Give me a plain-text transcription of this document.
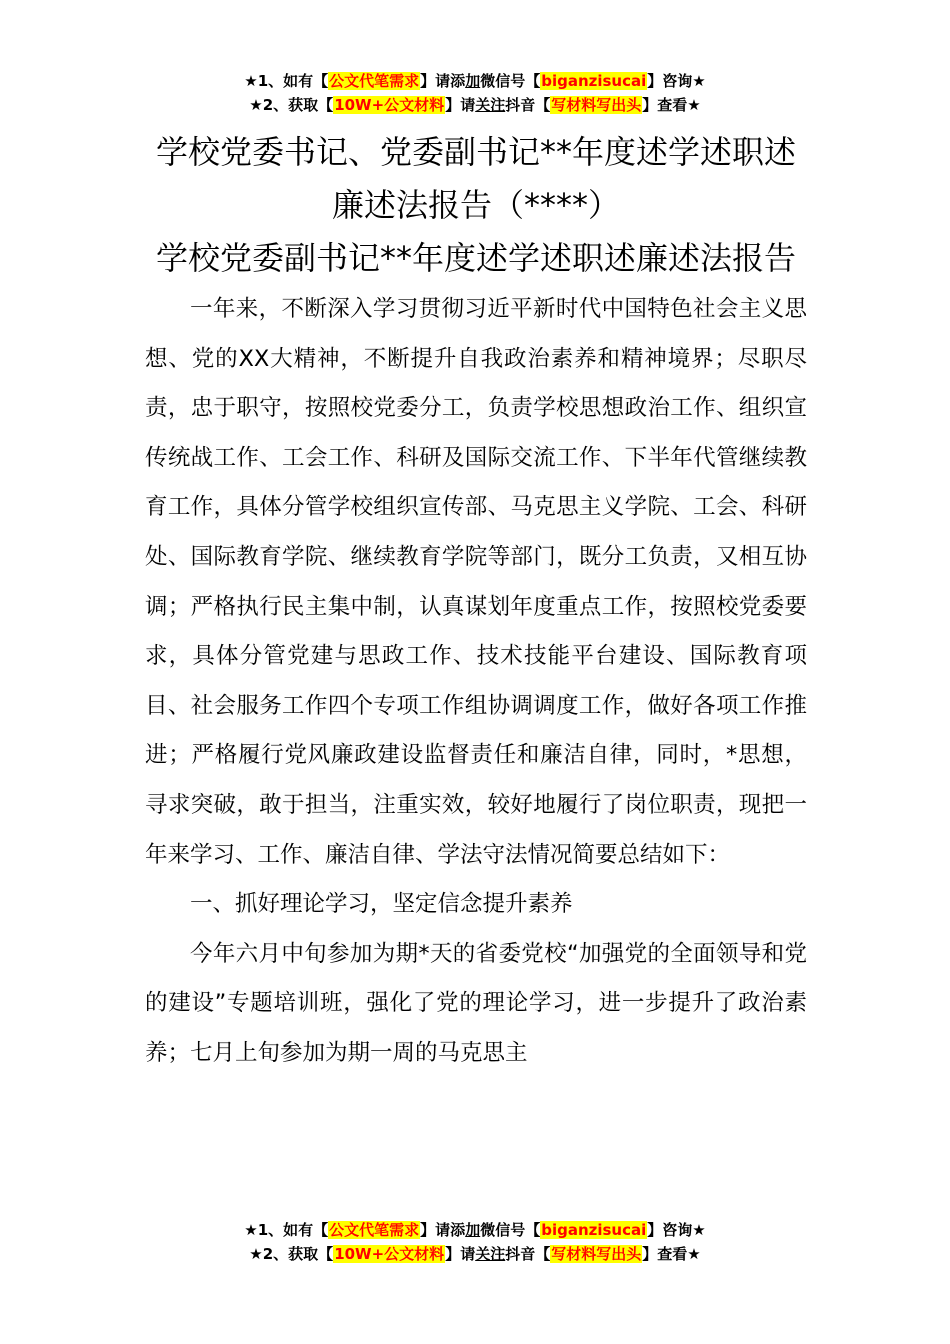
★1、如有【公文代笔需求】请添加微信号【biganzisucai】咨询★
★2、获取【10W+公文材料】请关注抖音【写材料写出头】查看★
学校党委书记、党委副书记**年度述学述职述廉述法报告（****）
学校党委副书记**年度述学述职述廉述法报告

一年来，不断深入学习贯彻习近平新时代中国特色社会主义思想、党的XX大精神，不断提升自我政治素养和精神境界；尽职尽责，忠于职守，按照校党委分工，负责学校思想政治工作、组织宣传统战工作、工会工作、科研及国际交流工作、下半年代管继续教育工作，具体分管学校组织宣传部、马克思主义学院、工会、科研处、国际教育学院、继续教育学院等部门，既分工负责，又相互协调；严格执行民主集中制，认真谋划年度重点工作，按照校党委要求，具体分管党建与思政工作、技术技能平台建设、国际教育项目、社会服务工作四个专项工作组协调调度工作，做好各项工作推进；严格履行党风廉政建设监督责任和廉洁自律，同时，*思想，寻求突破，敢于担当，注重实效，较好地履行了岗位职责，现把一年来学习、工作、廉洁自律、学法守法情况简要总结如下：

一、抓好理论学习，坚定信念提升素养

今年六月中旬参加为期*天的省委党校“加强党的全面领导和党的建设”专题培训班，强化了党的理论学习，进一步提升了政治素养；七月上旬参加为期一周的马克思主

★1、如有【公文代笔需求】请添加微信号【biganzisucai】咨询★
★2、获取【10W+公文材料】请关注抖音【写材料写出头】查看★
